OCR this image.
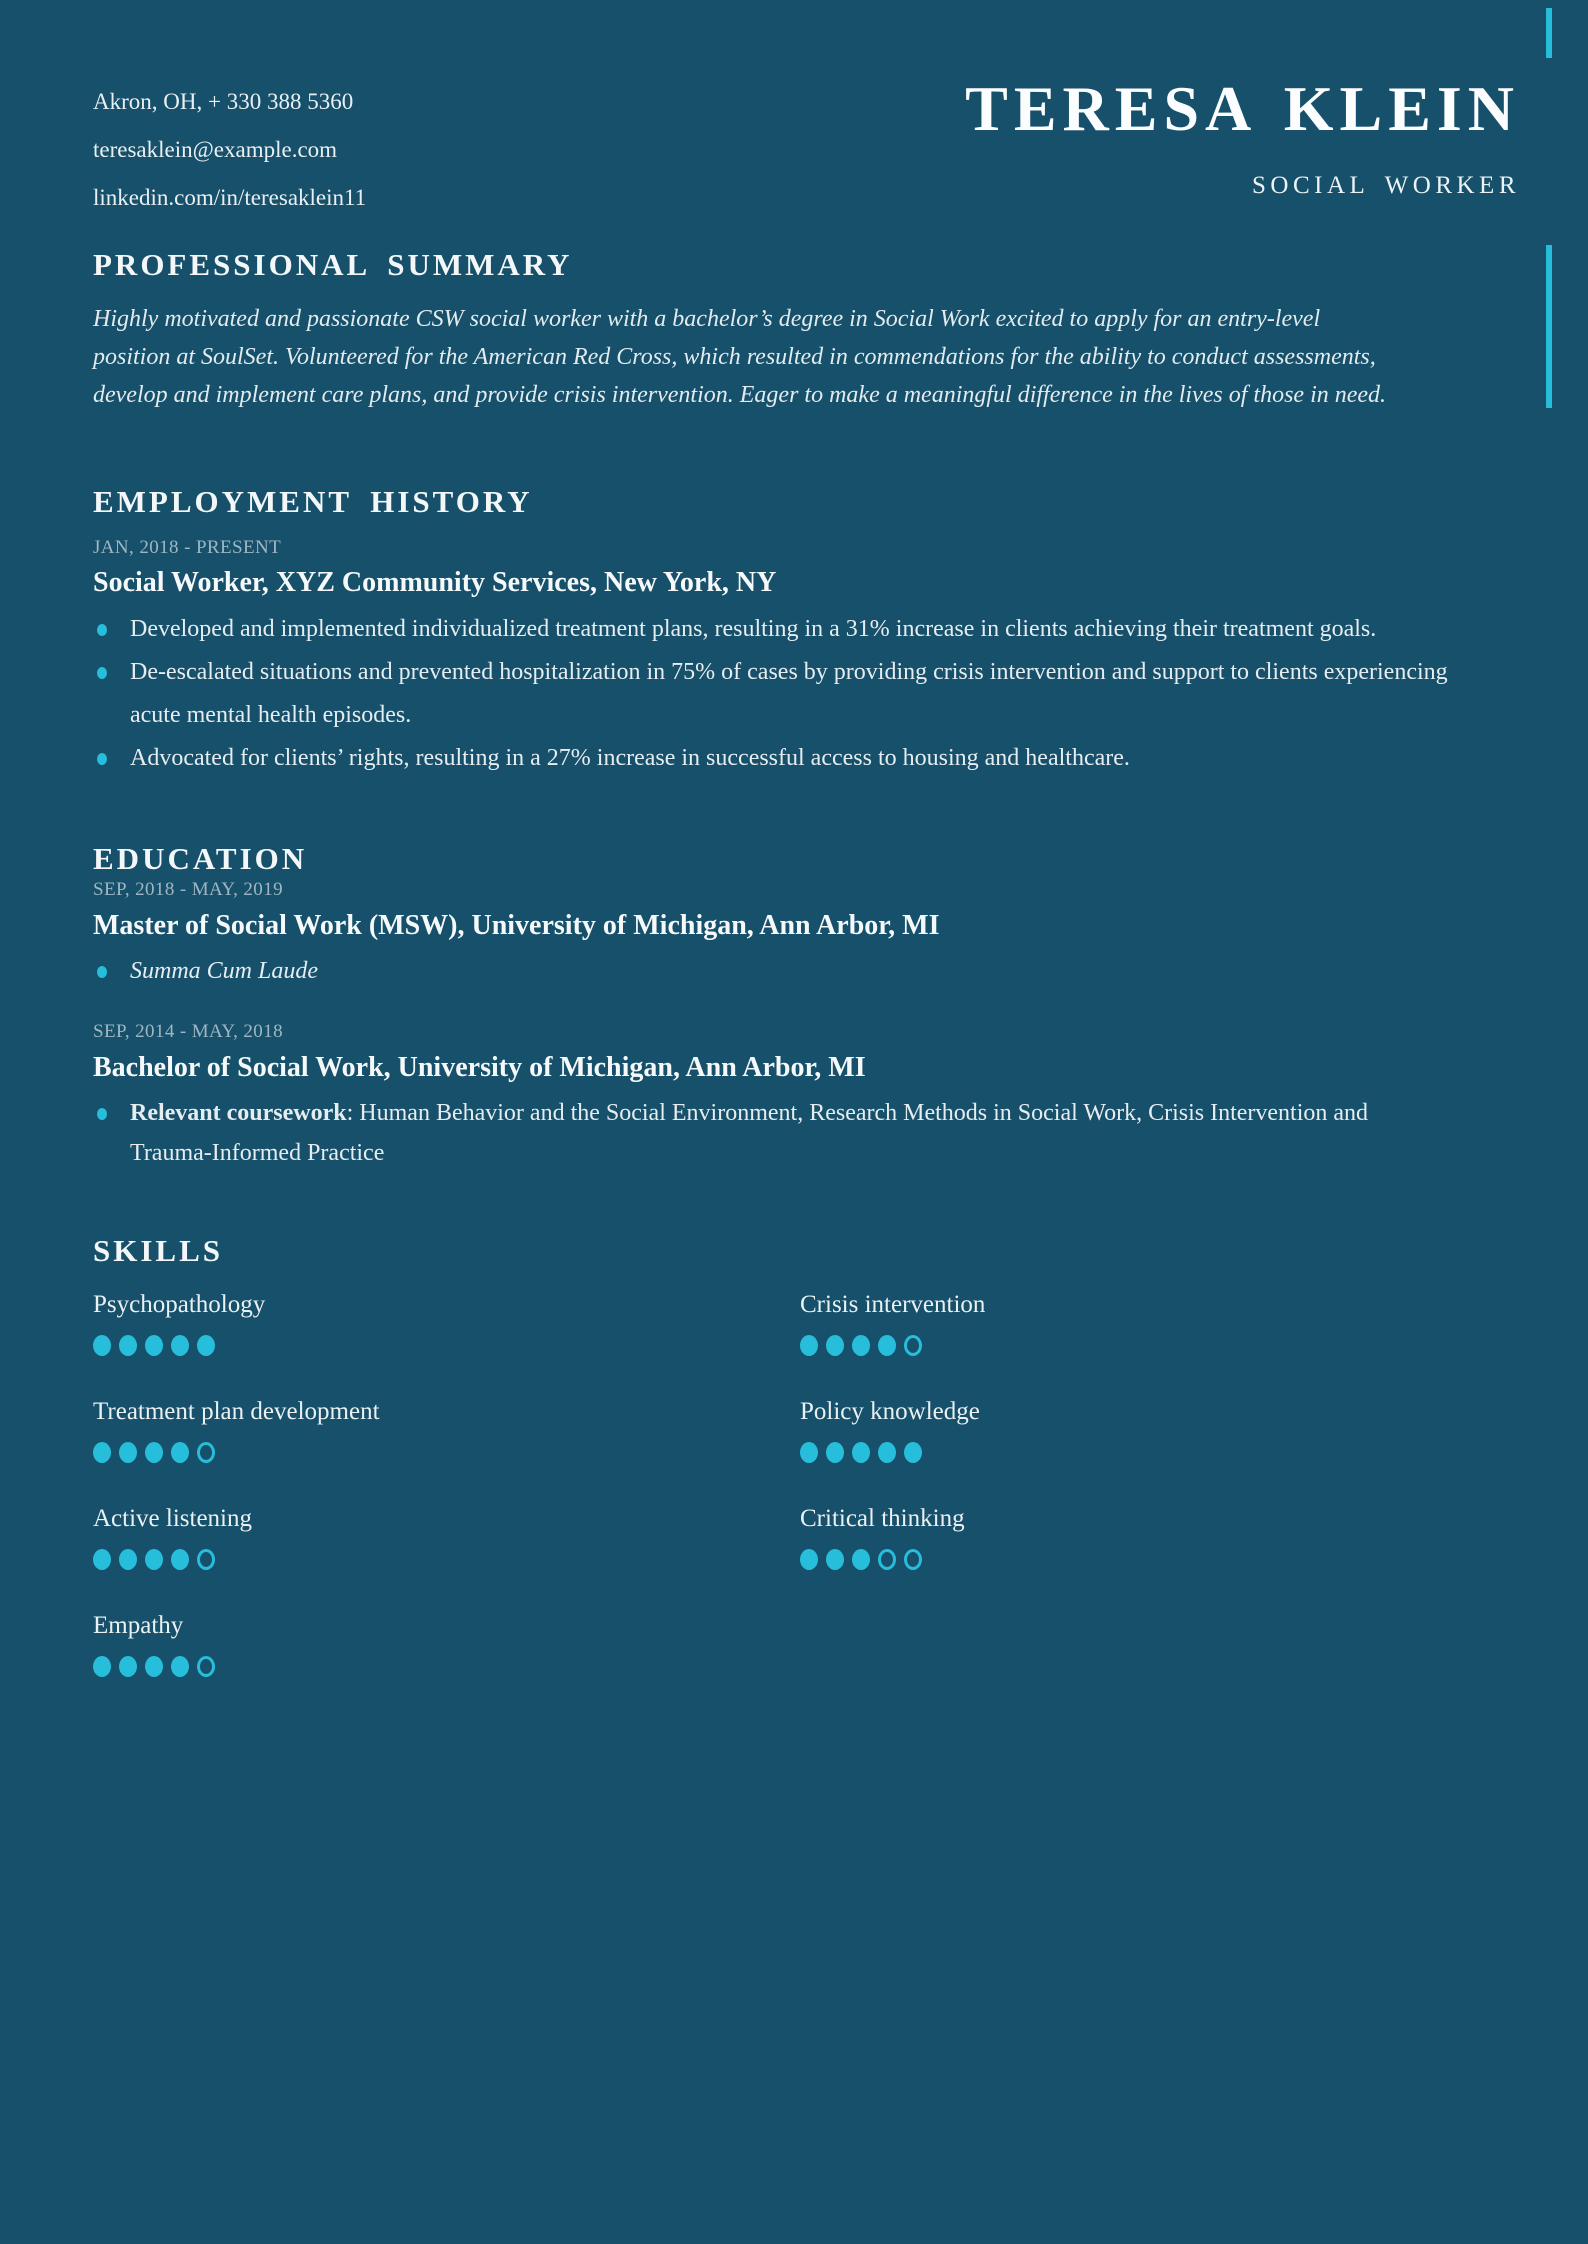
Akron, OH, + 330 388 5360
teresaklein@example.com
linkedin.com/in/teresaklein11
TERESA KLEIN
SOCIAL WORKER
PROFESSIONAL SUMMARY

Highly motivated and passionate CSW social worker with a bachelor’s degree in Social Work excited to apply for an entry-level position at SoulSet. Volunteered for the American Red Cross, which resulted in commendations for the ability to conduct assessments, develop and implement care plans, and provide crisis intervention. Eager to make a meaningful difference in the lives of those in need.

EMPLOYMENT HISTORY
JAN, 2018 - PRESENT
Social Worker, XYZ Community Services, New York, NY
Developed and implemented individualized treatment plans, resulting in a 31% increase in clients achieving their treatment goals.
De-escalated situations and prevented hospitalization in 75% of cases by providing crisis intervention and support to clients experiencing acute mental health episodes.
Advocated for clients’ rights, resulting in a 27% increase in successful access to housing and healthcare.
EDUCATION
SEP, 2018 - MAY, 2019
Master of Social Work (MSW), University of Michigan, Ann Arbor, MI
Summa Cum Laude
SEP, 2014 - MAY, 2018
Bachelor of Social Work, University of Michigan, Ann Arbor, MI
Relevant coursework: Human Behavior and the Social Environment, Research Methods in Social Work, Crisis Intervention and Trauma-Informed Practice
SKILLS
Psychopathology	Crisis intervention
Treatment plan development	Policy knowledge
Active listening	Critical thinking
Empathy
